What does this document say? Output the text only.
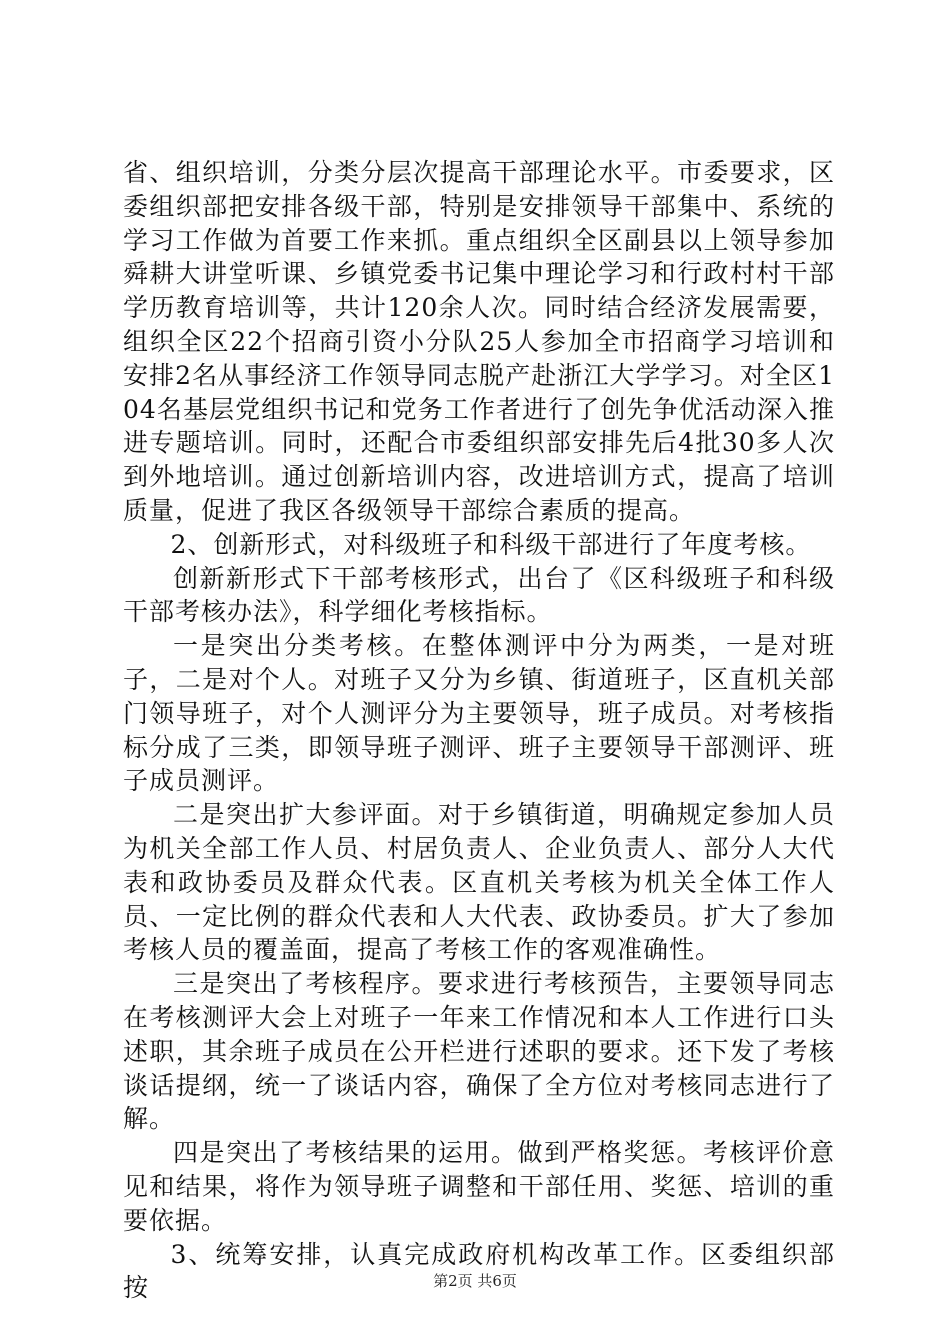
省、组织培训，分类分层次提高干部理论水平。市委要求，区委组织部把安排各级干部，特别是安排领导干部集中、系统的学习工作做为首要工作来抓。重点组织全区副县以上领导参加舜耕大讲堂听课、乡镇党委书记集中理论学习和行政村村干部学历教育培训等，共计120余人次。同时结合经济发展需要，组织全区22个招商引资小分队25人参加全市招商学习培训和安排2名从事经济工作领导同志脱产赴浙江大学学习。对全区104名基层党组织书记和党务工作者进行了创先争优活动深入推进专题培训。同时，还配合市委组织部安排先后4批30多人次到外地培训。通过创新培训内容，改进培训方式，提高了培训质量，促进了我区各级领导干部综合素质的提高。

2、创新形式，对科级班子和科级干部进行了年度考核。

创新新形式下干部考核形式，出台了《区科级班子和科级干部考核办法》，科学细化考核指标。

一是突出分类考核。在整体测评中分为两类，一是对班子，二是对个人。对班子又分为乡镇、街道班子，区直机关部门领导班子，对个人测评分为主要领导，班子成员。对考核指标分成了三类，即领导班子测评、班子主要领导干部测评、班子成员测评。

二是突出扩大参评面。对于乡镇街道，明确规定参加人员为机关全部工作人员、村居负责人、企业负责人、部分人大代表和政协委员及群众代表。区直机关考核为机关全体工作人员、一定比例的群众代表和人大代表、政协委员。扩大了参加考核人员的覆盖面，提高了考核工作的客观准确性。

三是突出了考核程序。要求进行考核预告，主要领导同志在考核测评大会上对班子一年来工作情况和本人工作进行口头述职，其余班子成员在公开栏进行述职的要求。还下发了考核谈话提纲，统一了谈话内容，确保了全方位对考核同志进行了解。

四是突出了考核结果的运用。做到严格奖惩。考核评价意见和结果，将作为领导班子调整和干部任用、奖惩、培训的重要依据。

3、统筹安排，认真完成政府机构改革工作。区委组织部按	第2页 共6页
